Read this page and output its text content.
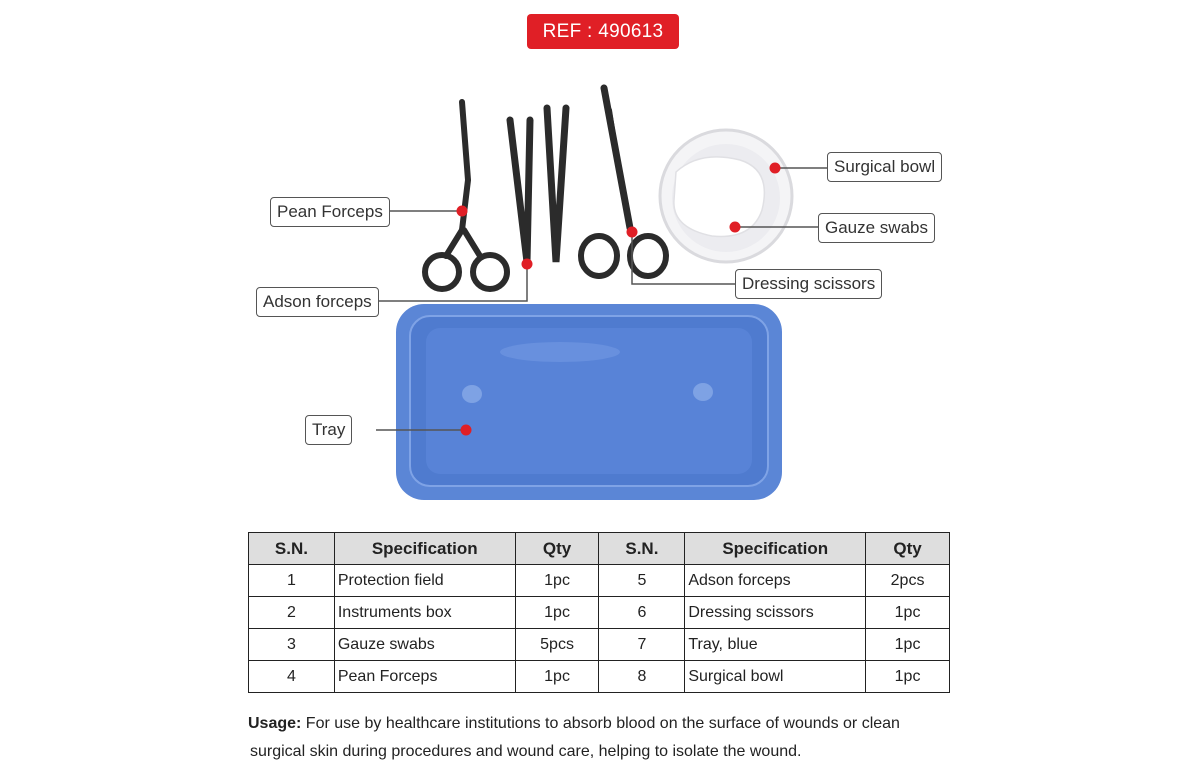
REF : 490613
Pean Forceps
Adson forceps
Tray
Surgical bowl
Gauze swabs
Dressing scissors
S.N.	Specification	Qty	S.N.	Specification	Qty
1	Protection field	1pc	5	Adson forceps	2pcs
2	Instruments box	1pc	6	Dressing scissors	1pc
3	Gauze swabs	5pcs	7	Tray, blue	1pc
4	Pean Forceps	1pc	8	Surgical bowl	1pc
Usage: For use by healthcare institutions to absorb blood on the surface of wounds or clean
surgical skin during procedures and wound care, helping to isolate the wound.
